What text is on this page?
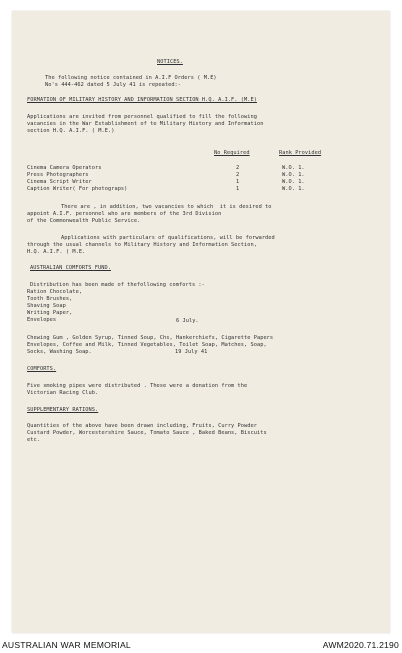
NOTICES.
The following notice contained in A.I.F Orders ( M.E)
No's 444-462 dated 5 July 41 is repeated:-
FORMATION OF MILITARY HISTORY AND INFORMATION SECTION H.Q. A.I.F. (M.E)
Applications are invited from personnel qualified to fill the following
vacancies in the War Establishment of te Military History and Information
section H.Q. A.I.F. ( M.E.)
No Required	Rank Provided
Cinema Camera Operators	2	W.O. 1.
Press Photographers	2	W.O. 1.
Cinema Script Writer	1	W.O. 1.
Caption Writer( For photograps)	1	W.O. 1.
There are , in addition, two vacancies to which  it is desired to
appoint A.I.F. personnel who are members of the 3rd Division
of the Commonwealth Public Service.
Applications with particulars of qualifications, will be forwarded
through the usual channels to Military History and Information Section,
H.Q. A.I.F. ( M.E.
AUSTRALIAN COMFORTS FUND.
Distribution has been made of thefollowing comforts :-
Ration Chocolate,
Tooth Brushes,
Shaving Soap
Writing Paper,
Envelopes	6 July.
Chewing Gum , Golden Syrup, Tinned Soup, Chs, Hankerchiefs, Cigarette Papers
Envelopes, Coffee and Milk, Tinned Vegetables, Toilet Soap, Matches, Soap,
Socks, Washing Soap.	19 July 41
COMFORTS.
Five smoking pipes were distributed . These were a donation from the
Victorian Racing Club.
SUPPLEMENTARY RATIONS.
Quantities of the above have been drawn including, Fruits, Curry Powder
Custard Powder, Worcestershire Sauce, Tomato Sauce , Baked Beans, Biscuits
etc.
AUSTRALIAN WAR MEMORIAL	AWM2020.71.2190
